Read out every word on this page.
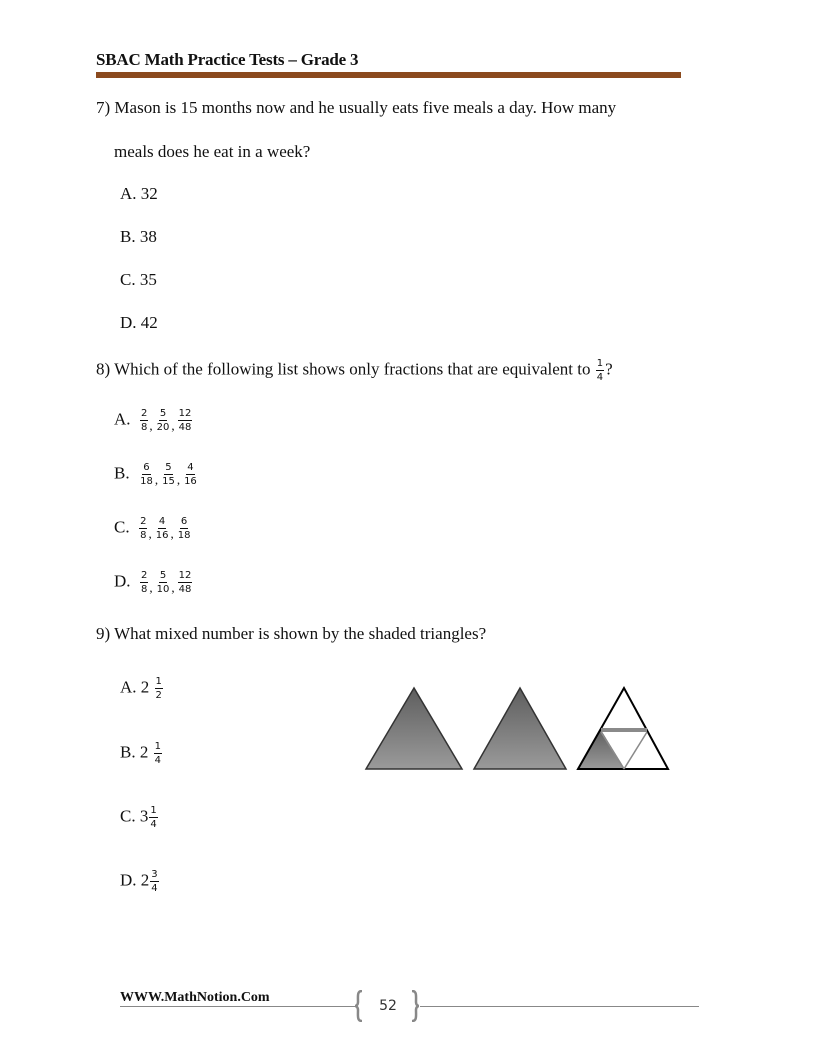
SBAC Math Practice Tests – Grade 3
7) Mason is 15 months now and he usually eats five meals a day. How many
meals does he eat in a week?
A. 32
B. 38
C. 35
D. 42
8) Which of the following list shows only fractions that are equivalent to $\frac{1}{4}$ ?
A. $\frac{2}{8} _, \frac{5}{20} _, \frac{12}{48}$
B. $\frac{6}{18} _, \frac{5}{15} _, \frac{4}{16}$
C. $\frac{2}{8} _, \frac{4}{16} _, \frac{6}{18}$
D. $\frac{2}{8} _, \frac{5}{10} _, \frac{12}{48}$
9) What mixed number is shown by the shaded triangles?
A. $2 \frac{1}{2}$
B. $2 \frac{1}{4}$
C. $3 \frac{1}{4}$
D. $2 \frac{3}{4}$
WWW.MathNotion.Com
52
